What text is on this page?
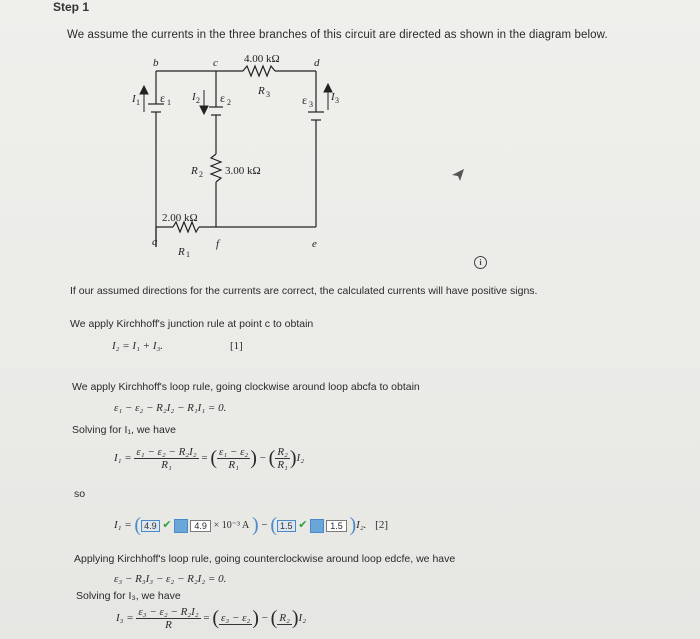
Step 1
We assume the currents in the three branches of this circuit are directed as shown in the diagram below.
b	c	d
4.00 kΩ
R 3
I 1 ε 1 I 2 ε 2	ε 3
I 3
R 2 3.00 kΩ
2.00 kΩ
a
R 1
f	e
i
If our assumed directions for the currents are correct, the calculated currents will have positive signs.
We apply Kirchhoff's junction rule at point c to obtain
I₂ = I₁ + I₃.	[1]
We apply Kirchhoff's loop rule, going clockwise around loop abcfa to obtain
ε₁ − ε₂ − R₂I₂ − R₁I₁ = 0.
Solving for I₁, we have
$I_1 = \frac{\text{ε₁ − ε₂ − R₂I₂}}{\text{R₁}}$ = ( $\frac{\text{ε₁ − ε₂}}{\text{R₁}}$ ) − ( $\frac{\text{R₂}}{\text{R₁}} )I_2$
so
I₁ = ( 4.9 ✔	4.9 × 10⁻³ A ) − ( 1.5 ✔	1.5 )I₂. [2]
Applying Kirchhoff's loop rule, going counterclockwise around loop edcfe, we have
ε₃ − R₃I₃ − ε₂ − R₂I₂ = 0.
Solving for I₃, we have
$I_3 = \frac{\text{ε₃ − ε₂ − R₂I₂}}{R}$ = ( ε₃ − ε₂ ) − ( R₂ )I₂
